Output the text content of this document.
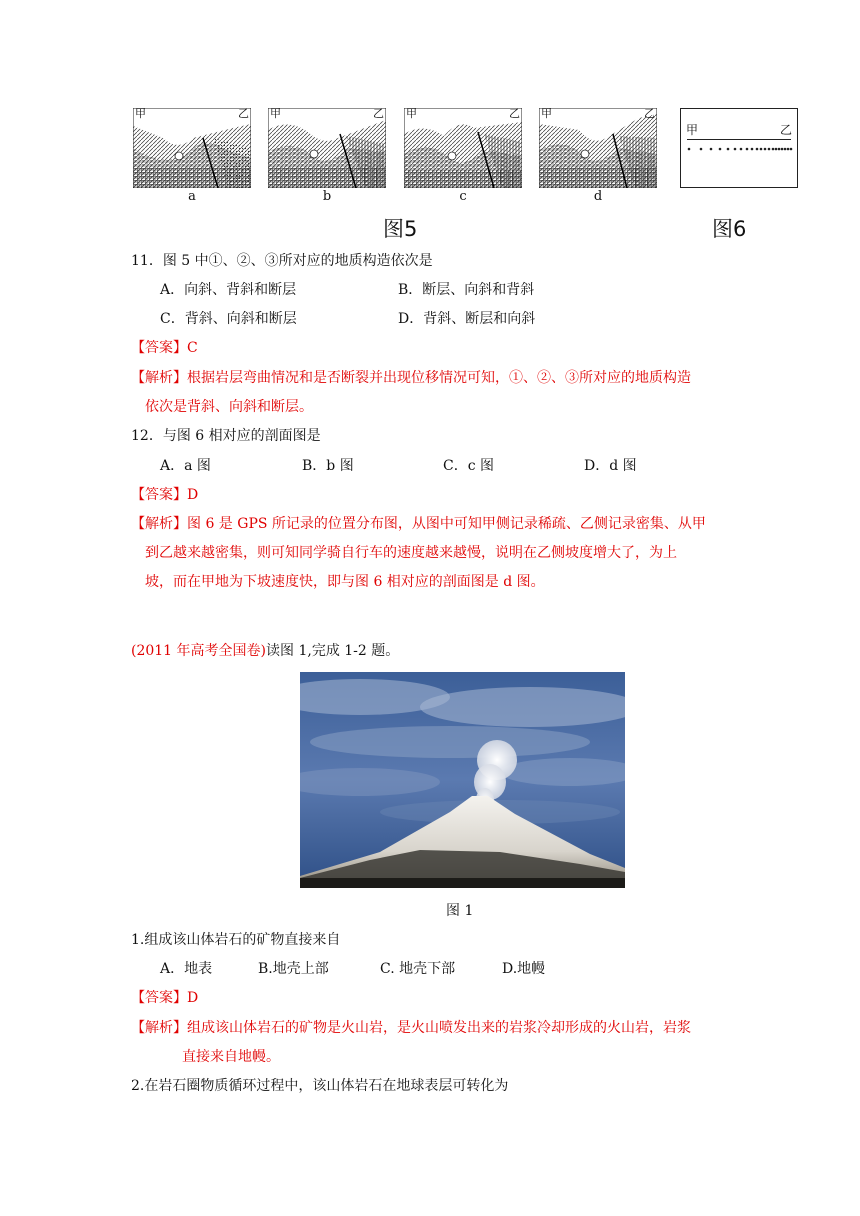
甲	乙
a
甲	乙
b
甲	乙
c
甲	乙
d
甲	乙
图5	图6
11．图 5 中①、②、③所对应的地质构造依次是
A．向斜、背斜和断层	B．断层、向斜和背斜
C．背斜、向斜和断层	D．背斜、断层和向斜
【答案】C
【解析】 根据岩层弯曲情况和是否断裂并出现位移情况可知，①、②、③所对应的地质构造
依次是背斜、向斜和断层。
12．与图 6 相对应的剖面图是
A．a 图	B．b 图	C．c 图	D．d 图
【答案】D
【解析】 图 6 是 GPS 所记录的位置分布图，从图中可知甲侧记录稀疏、乙侧记录密集、从甲
到乙越来越密集，则可知同学骑自行车的速度越来越慢，说明在乙侧坡度增大了，为上
坡，而在甲地为下坡速度快，即与图 6 相对应的剖面图是 d 图。
(2011 年高考全国卷)读图 1,完成 1-2 题。
图 1
1.组成该山体岩石的矿物直接来自
A．地表	B.地壳上部	C. 地壳下部	D.地幔
【答案】D
【解析】 组成该山体岩石的矿物是火山岩，是火山喷发出来的岩浆冷却形成的火山岩，岩浆
直接来自地幔。
2.在岩石圈物质循环过程中，该山体岩石在地球表层可转化为
